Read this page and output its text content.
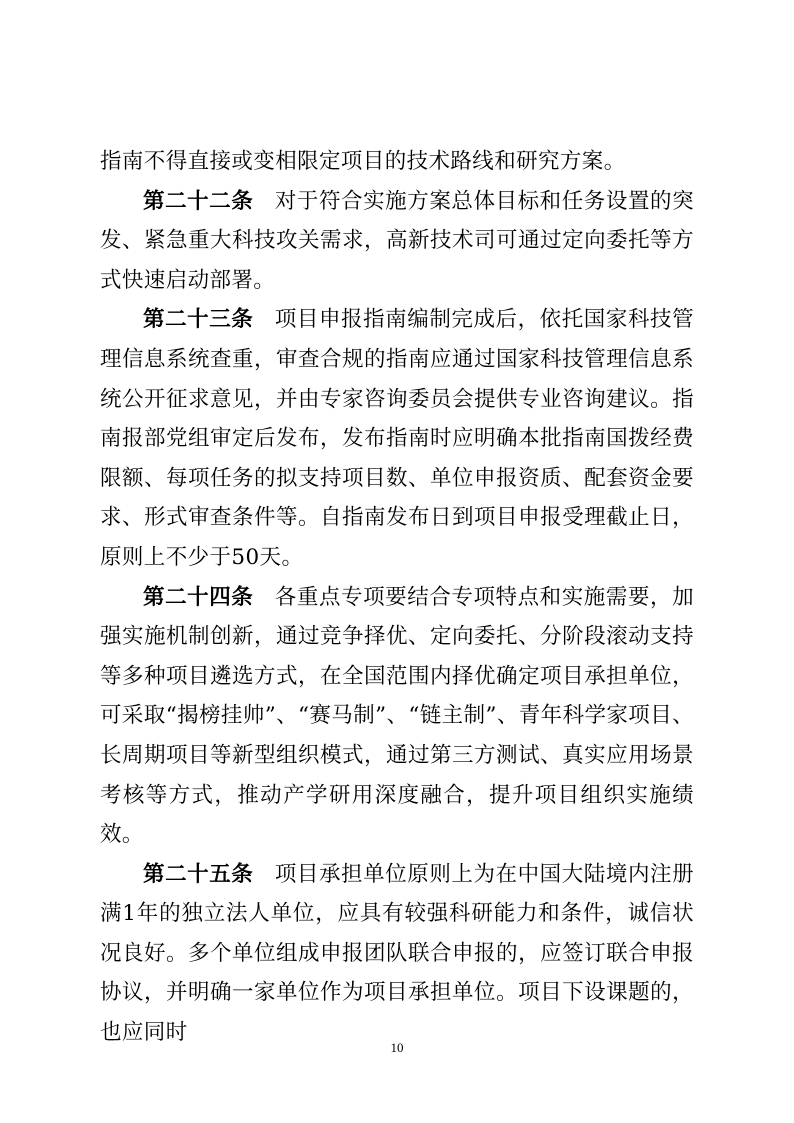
指南不得直接或变相限定项目的技术路线和研究方案。

第二十二条 对于符合实施方案总体目标和任务设置的突发、紧急重大科技攻关需求，高新技术司可通过定向委托等方式快速启动部署。

第二十三条 项目申报指南编制完成后，依托国家科技管理信息系统查重，审查合规的指南应通过国家科技管理信息系统公开征求意见，并由专家咨询委员会提供专业咨询建议。指南报部党组审定后发布，发布指南时应明确本批指南国拨经费限额、每项任务的拟支持项目数、单位申报资质、配套资金要求、形式审查条件等。自指南发布日到项目申报受理截止日，原则上不少于50天。

第二十四条 各重点专项要结合专项特点和实施需要，加强实施机制创新，通过竞争择优、定向委托、分阶段滚动支持等多种项目遴选方式，在全国范围内择优确定项目承担单位，可采取“揭榜挂帅”、“赛马制”、“链主制”、青年科学家项目、长周期项目等新型组织模式，通过第三方测试、真实应用场景考核等方式，推动产学研用深度融合，提升项目组织实施绩效。

第二十五条 项目承担单位原则上为在中国大陆境内注册满1年的独立法人单位，应具有较强科研能力和条件，诚信状况良好。多个单位组成申报团队联合申报的，应签订联合申报协议，并明确一家单位作为项目承担单位。项目下设课题的，也应同时

10
